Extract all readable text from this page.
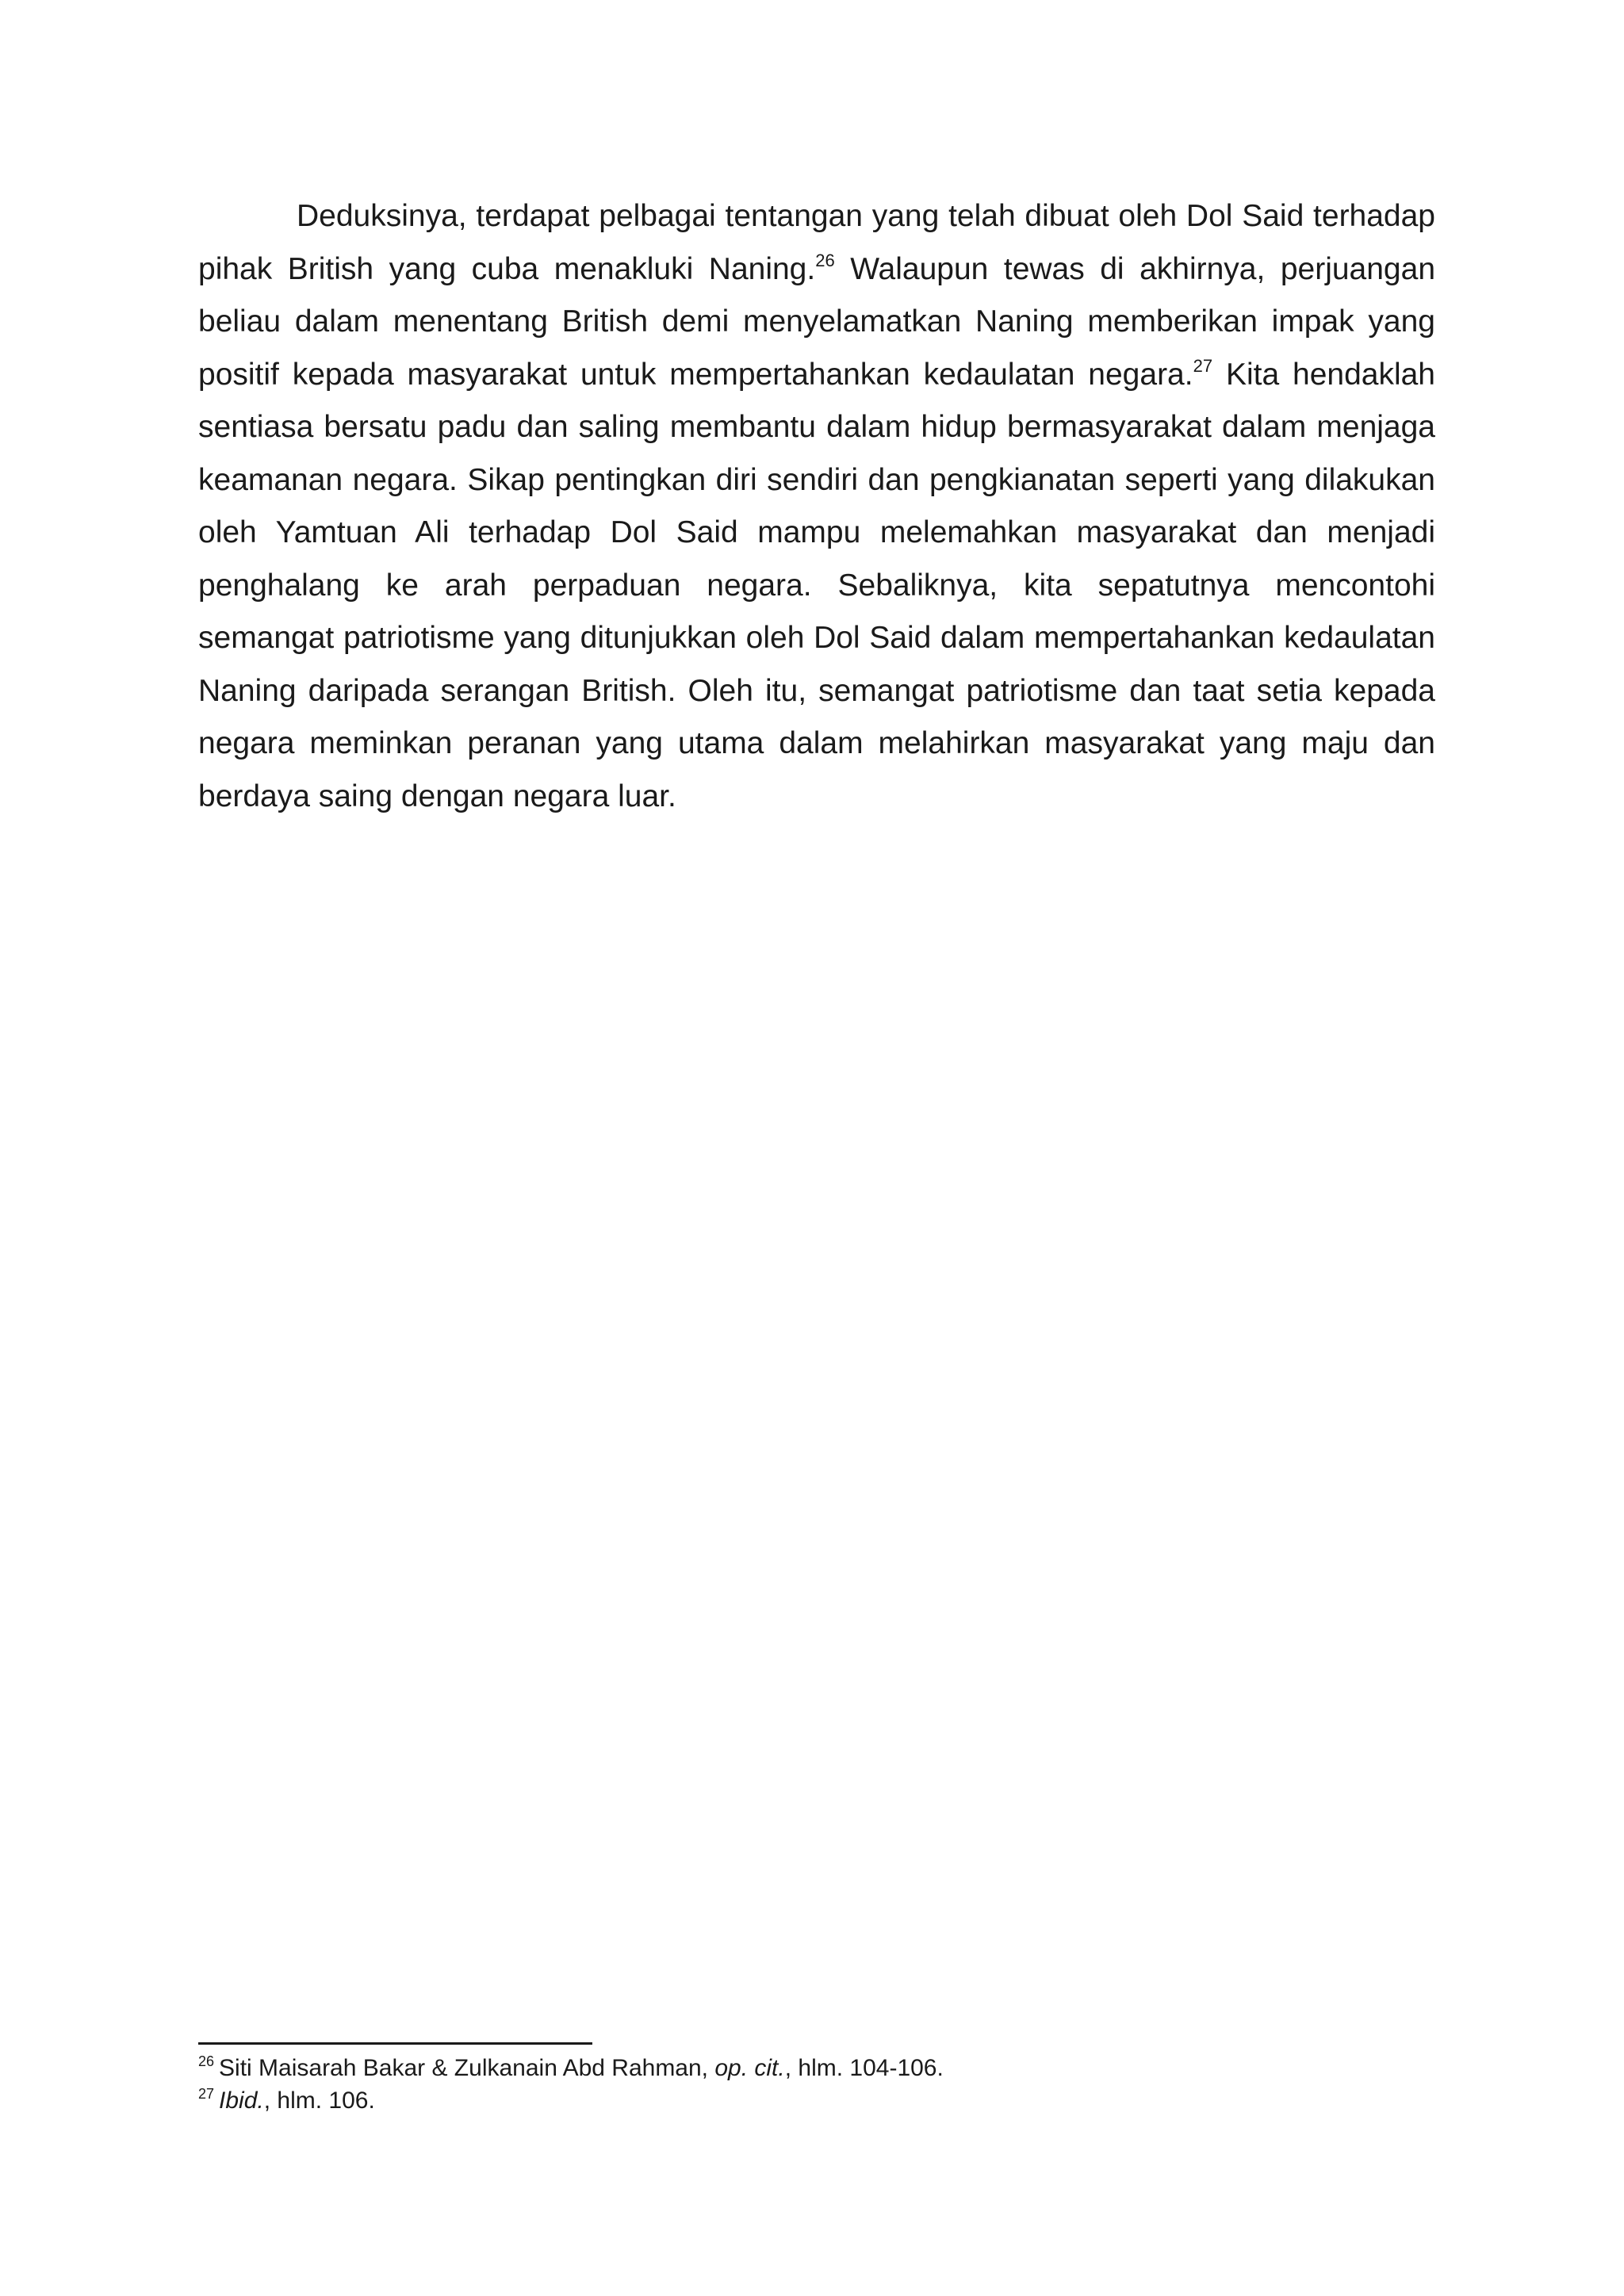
Deduksinya, terdapat pelbagai tentangan yang telah dibuat oleh Dol Said terhadap pihak British yang cuba menakluki Naning.$^{26}$ Walaupun tewas di akhirnya, perjuangan beliau dalam menentang British demi menyelamatkan Naning memberikan impak yang positif kepada masyarakat untuk mempertahankan kedaulatan negara.$^{27}$ Kita hendaklah sentiasa bersatu padu dan saling membantu dalam hidup bermasyarakat dalam menjaga keamanan negara. Sikap pentingkan diri sendiri dan pengkianatan seperti yang dilakukan oleh Yamtuan Ali terhadap Dol Said mampu melemahkan masyarakat dan menjadi penghalang ke arah perpaduan negara. Sebaliknya, kita sepatutnya mencontohi semangat patriotisme yang ditunjukkan oleh Dol Said dalam mempertahankan kedaulatan Naning daripada serangan British. Oleh itu, semangat patriotisme dan taat setia kepada negara meminkan peranan yang utama dalam melahirkan masyarakat yang maju dan berdaya saing dengan negara luar.

$^{26}$ Siti Maisarah Bakar & Zulkanain Abd Rahman, op. cit., hlm. 104-106.

$^{27}$ Ibid., hlm. 106.
